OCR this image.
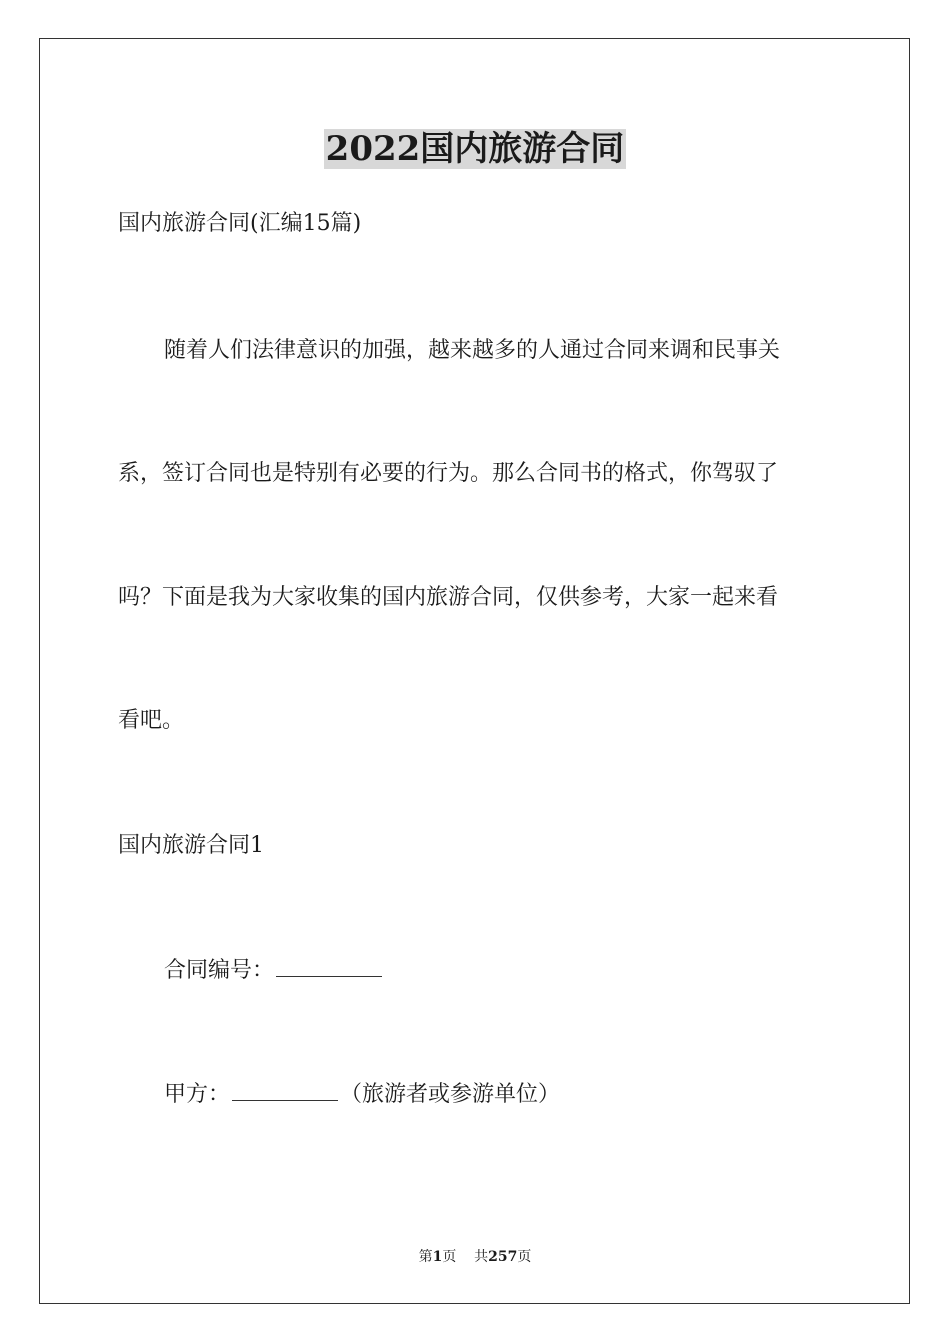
2022国内旅游合同
国内旅游合同(汇编15篇)
随着人们法律意识的加强，越来越多的人通过合同来调和民事关
系，签订合同也是特别有必要的行为。那么合同书的格式，你驾驭了
吗？下面是我为大家收集的国内旅游合同，仅供参考，大家一起来看
看吧。
国内旅游合同1
合同编号：
甲方：	（旅游者或参游单位）
第1页 共257页
